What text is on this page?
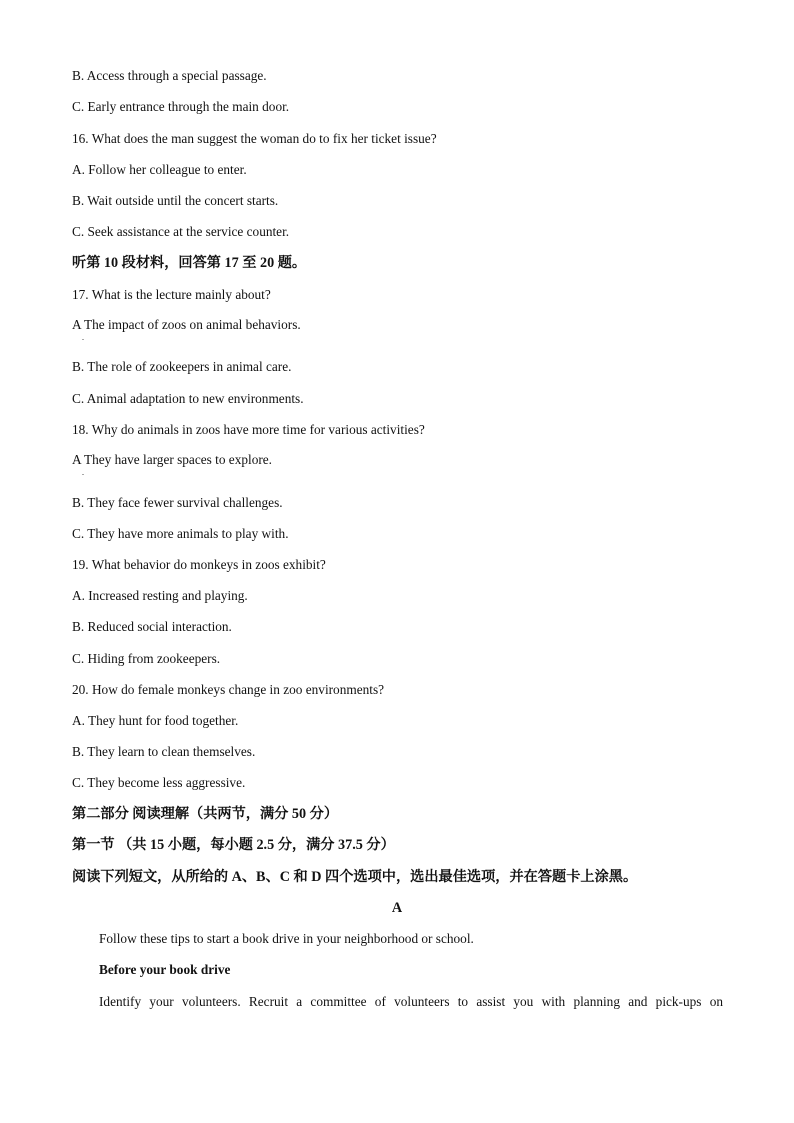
B. Access through a special passage.
C. Early entrance through the main door.
16. What does the man suggest the woman do to fix her ticket issue?
A. Follow her colleague to enter.
B. Wait outside until the concert starts.
C. Seek assistance at the service counter.
听第 10 段材料，回答第 17 至 20 题。
17. What is the lecture mainly about?
A The impact of zoos on animal behaviors.
.
B. The role of zookeepers in animal care.
C. Animal adaptation to new environments.
18. Why do animals in zoos have more time for various activities?
A They have larger spaces to explore.
.
B. They face fewer survival challenges.
C. They have more animals to play with.
19. What behavior do monkeys in zoos exhibit?
A. Increased resting and playing.
B. Reduced social interaction.
C. Hiding from zookeepers.
20. How do female monkeys change in zoo environments?
A. They hunt for food together.
B. They learn to clean themselves.
C. They become less aggressive.
第二部分 阅读理解（共两节，满分 50 分）
第一节 （共 15 小题，每小题 2.5 分，满分 37.5 分）
阅读下列短文，从所给的 A、B、C 和 D 四个选项中，选出最佳选项，并在答题卡上涂黑。
A
Follow these tips to start a book drive in your neighborhood or school.
Before your book drive
Identify your volunteers. Recruit a committee of volunteers to assist you with planning and pick-ups on
